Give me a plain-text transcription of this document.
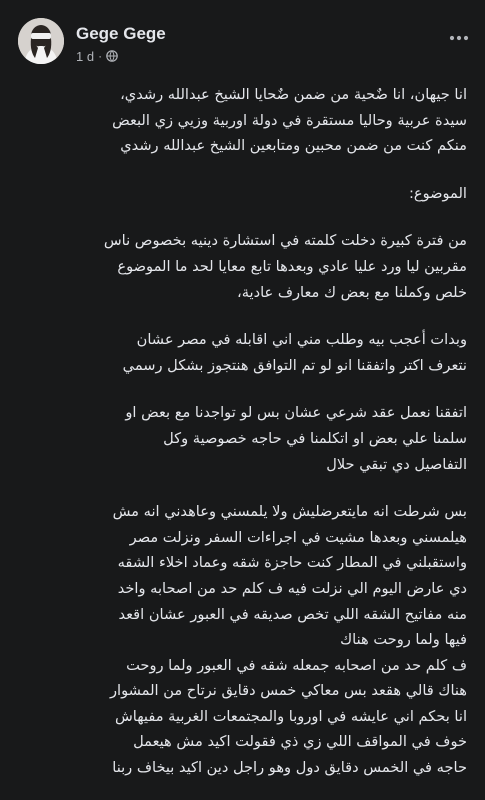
Gege Gege
1 d ·

انا جيهان، انا ضٌحية من ضمن ضٌحايا الشيخ عبدالله رشدي،
سيدة عربية وحاليا مستقرة في دولة اوربية وزيي زي البعض
منكم كنت من ضمن محبين ومتابعين الشيخ عبدالله رشدي

الموضوع:

من فترة كبيرة دخلت كلمته في استشارة دينيه بخصوص ناس
مقربين ليا ورد عليا عادي وبعدها تابع معايا لحد ما الموضوع
خلص وكملنا مع بعض ك معارف عادية،

وبدات أعجب بيه وطلب مني اني اقابله في مصر عشان
نتعرف اكتر واتفقنا انو لو تم التوافق هنتجوز بشكل رسمي

اتفقنا نعمل عقد شرعي عشان بس لو تواجدنا مع بعض او
سلمنا علي بعض او اتكلمنا في حاجه خصوصية وكل
التفاصيل دي تبقي حلال

بس شرطت انه مايتعرضليش ولا يلمسني وعاهدني انه مش
هيلمسني وبعدها مشيت في اجراءات السفر ونزلت مصر
واستقبلني في المطار كنت حاجزة شقه وعماد اخلاء الشقه
دي عارض اليوم الي نزلت فيه ف كلم حد من اصحابه واخد
منه مفاتيح الشقه اللي تخص صديقه في العبور عشان اقعد
فيها ولما روحت هناك
ف كلم حد من اصحابه جمعله شقه في العبور ولما روحت
هناك قالي هقعد بس معاكي خمس دقايق نرتاح من المشوار
انا بحكم اني عايشه في اوروبا والمجتمعات الغربية مفيهاش
خوف في المواقف اللي زي ذي فقولت اكيد مش هيعمل
حاجه في الخمس دقايق دول وهو راجل دين اكيد بيخاف ربنا
